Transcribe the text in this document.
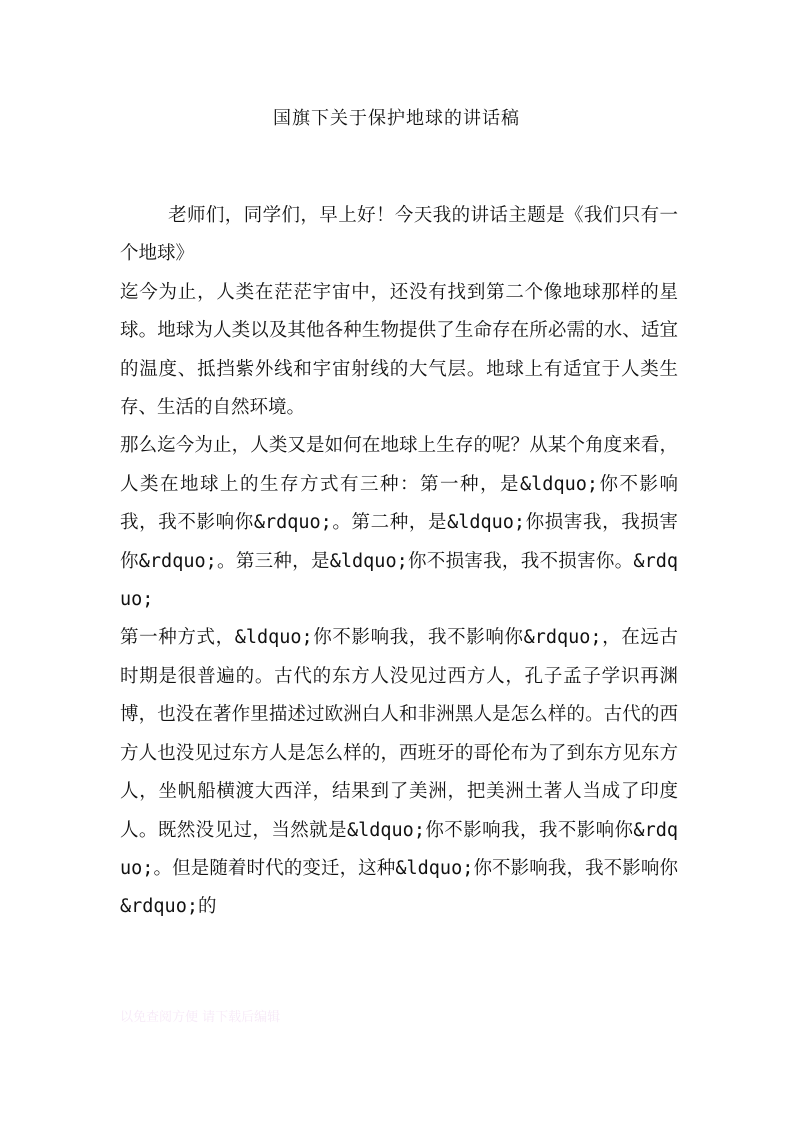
国旗下关于保护地球的讲话稿

老师们，同学们，早上好！今天我的讲话主题是《我们只有一个地球》

迄今为止，人类在茫茫宇宙中，还没有找到第二个像地球那样的星球。地球为人类以及其他各种生物提供了生命存在所必需的水、适宜的温度、抵挡紫外线和宇宙射线的大气层。地球上有适宜于人类生存、生活的自然环境。

那么迄今为止，人类又是如何在地球上生存的呢？从某个角度来看，人类在地球上的生存方式有三种：第一种，是&ldquo;你不影响我，我不影响你&rdquo;。第二种，是&ldquo;你损害我，我损害你&rdquo;。第三种，是&ldquo;你不损害我，我不损害你。&rdquo;

第一种方式，&ldquo;你不影响我，我不影响你&rdquo;，在远古时期是很普遍的。古代的东方人没见过西方人，孔子孟子学识再渊博，也没在著作里描述过欧洲白人和非洲黑人是怎么样的。古代的西方人也没见过东方人是怎么样的，西班牙的哥伦布为了到东方见东方人，坐帆船横渡大西洋，结果到了美洲，把美洲土著人当成了印度人。既然没见过，当然就是&ldquo;你不影响我，我不影响你&rdquo;。但是随着时代的变迁，这种&ldquo;你不影响我，我不影响你&rdquo;的

以免查阅方便 请下载后编辑
